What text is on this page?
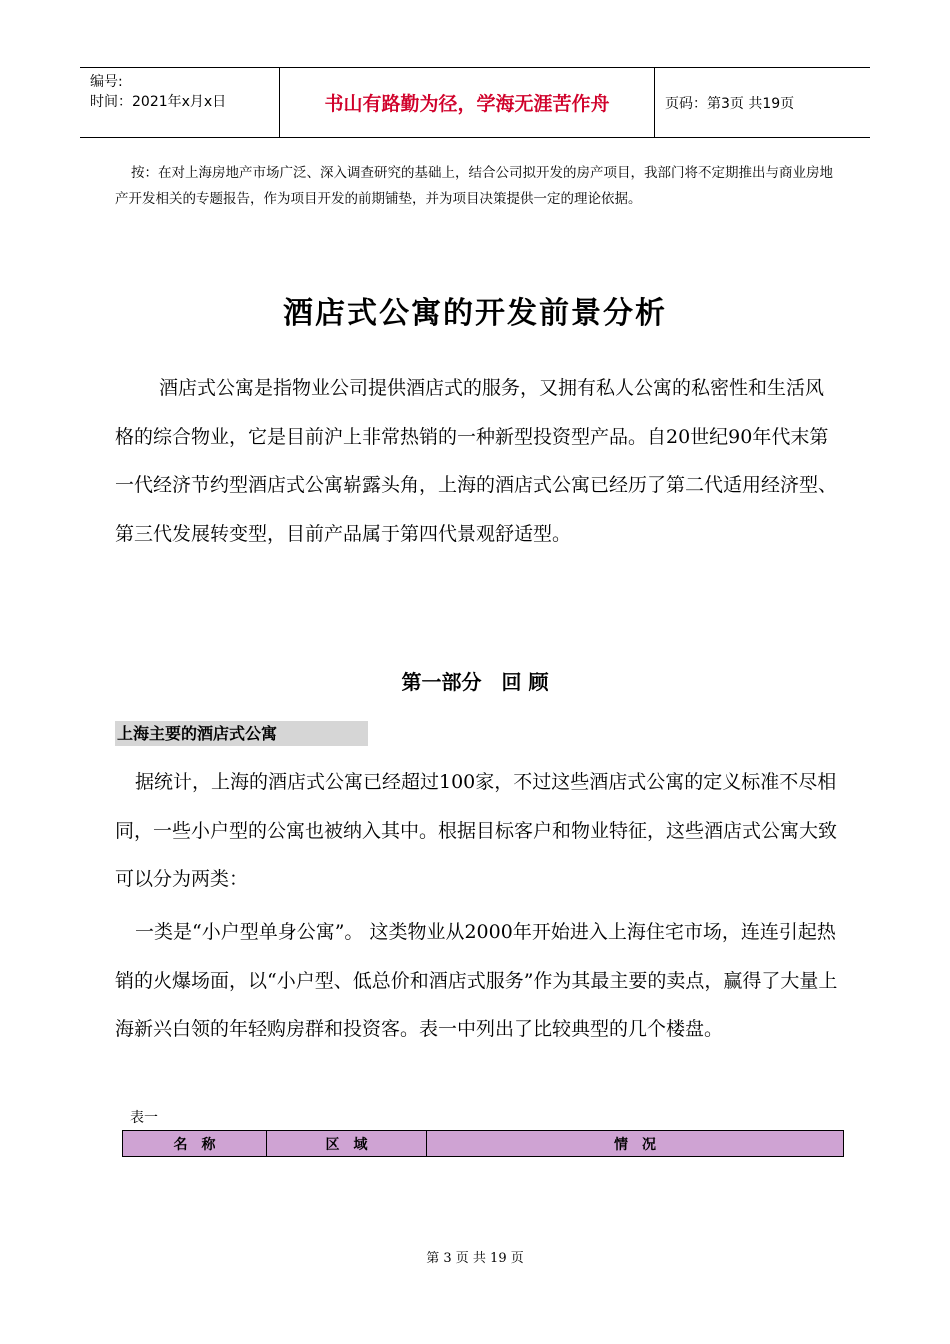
编号:
时间：2021年x月x日	书山有路勤为径，学海无涯苦作舟	页码：第3页 共19页
按：在对上海房地产市场广泛、深入调查研究的基础上，结合公司拟开发的房产项目，我部门将不定期推出与商业房地产开发相关的专题报告，作为项目开发的前期铺垫，并为项目决策提供一定的理论依据。
酒店式公寓的开发前景分析
酒店式公寓是指物业公司提供酒店式的服务，又拥有私人公寓的私密性和生活风格的综合物业，它是目前沪上非常热销的一种新型投资型产品。自20世纪90年代末第一代经济节约型酒店式公寓崭露头角，上海的酒店式公寓已经历了第二代适用经济型、第三代发展转变型，目前产品属于第四代景观舒适型。
第一部分　回 顾
上海主要的酒店式公寓
据统计，上海的酒店式公寓已经超过100家，不过这些酒店式公寓的定义标准不尽相同，一些小户型的公寓也被纳入其中。根据目标客户和物业特征，这些酒店式公寓大致可以分为两类：
一类是“小户型单身公寓”。 这类物业从2000年开始进入上海住宅市场，连连引起热销的火爆场面，以“小户型、低总价和酒店式服务”作为其最主要的卖点，赢得了大量上海新兴白领的年轻购房群和投资客。表一中列出了比较典型的几个楼盘。
表一
名　称	区　域	情　况
第 3 页 共 19 页
